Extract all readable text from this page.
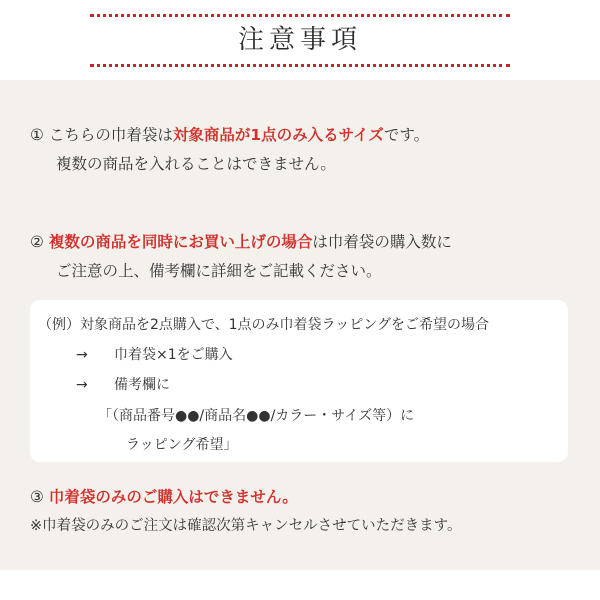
注意事項
① こちらの巾着袋は対象商品が1点のみ入るサイズです。
複数の商品を入れることはできません。
② 複数の商品を同時にお買い上げの場合は巾着袋の購入数に
ご注意の上、備考欄に詳細をご記載ください。
（例）対象商品を2点購入で、1点のみ巾着袋ラッピングをご希望の場合
→ 巾着袋×1をご購入
→ 備考欄に
「（商品番号●●/商品名●●/カラー・サイズ等）に
ラッピング希望」
③ 巾着袋のみのご購入はできません。
※巾着袋のみのご注文は確認次第キャンセルさせていただきます。
